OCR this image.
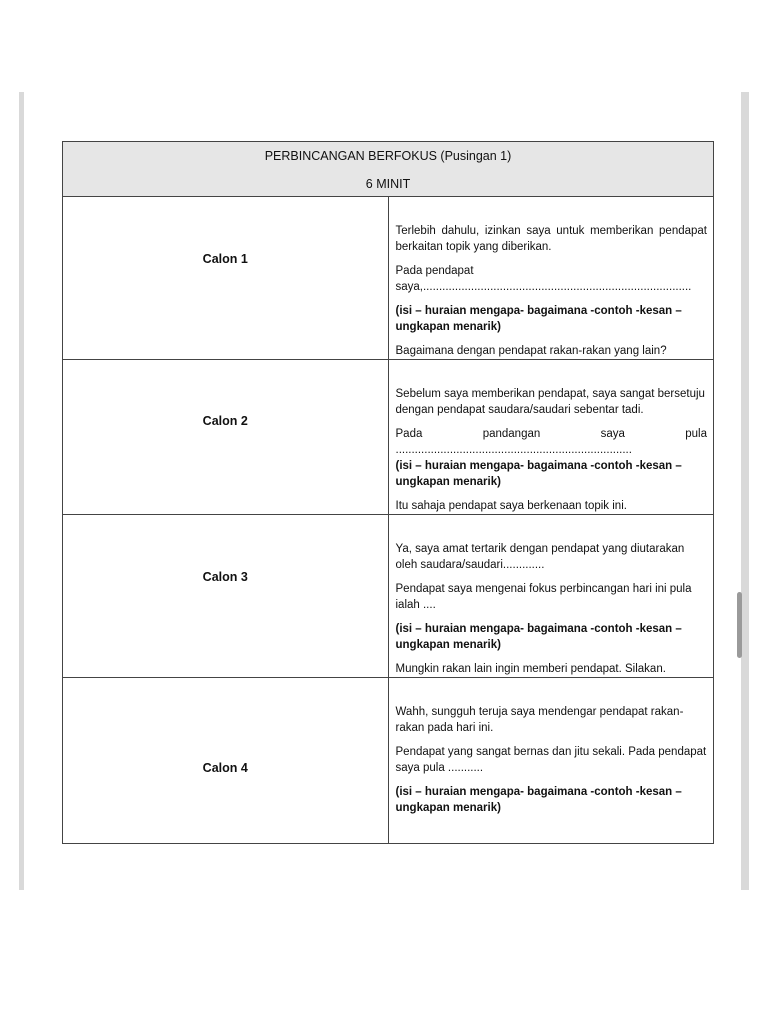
PERBINCANGAN BERFOKUS (Pusingan 1)
6 MINIT	

Calon 1	Terlebih dahulu, izinkan saya untuk memberikan pendapat berkaitan topik yang diberikan.

Pada pendapat saya,....................................................................................

(isi – huraian mengapa- bagaimana -contoh -kesan – ungkapan menarik)

Bagaimana dengan pendapat rakan-rakan yang lain?

Calon 2	Sebelum saya memberikan pendapat, saya sangat bersetuju dengan pendapat saudara/saudari sebentar tadi.

Pada pandangan saya pula ..........................................................................

(isi – huraian mengapa- bagaimana -contoh -kesan – ungkapan menarik)

Itu sahaja pendapat saya berkenaan topik ini.

Calon 3	Ya, saya amat tertarik dengan pendapat yang diutarakan oleh saudara/saudari.............

Pendapat saya mengenai fokus perbincangan hari ini pula ialah ....

(isi – huraian mengapa- bagaimana -contoh -kesan – ungkapan menarik)

Mungkin rakan lain ingin memberi pendapat. Silakan.

Calon 4	Wahh, sungguh teruja saya mendengar pendapat rakan-rakan pada hari ini.

Pendapat yang sangat bernas dan jitu sekali. Pada pendapat saya pula ...........

(isi – huraian mengapa- bagaimana -contoh -kesan – ungkapan menarik)
